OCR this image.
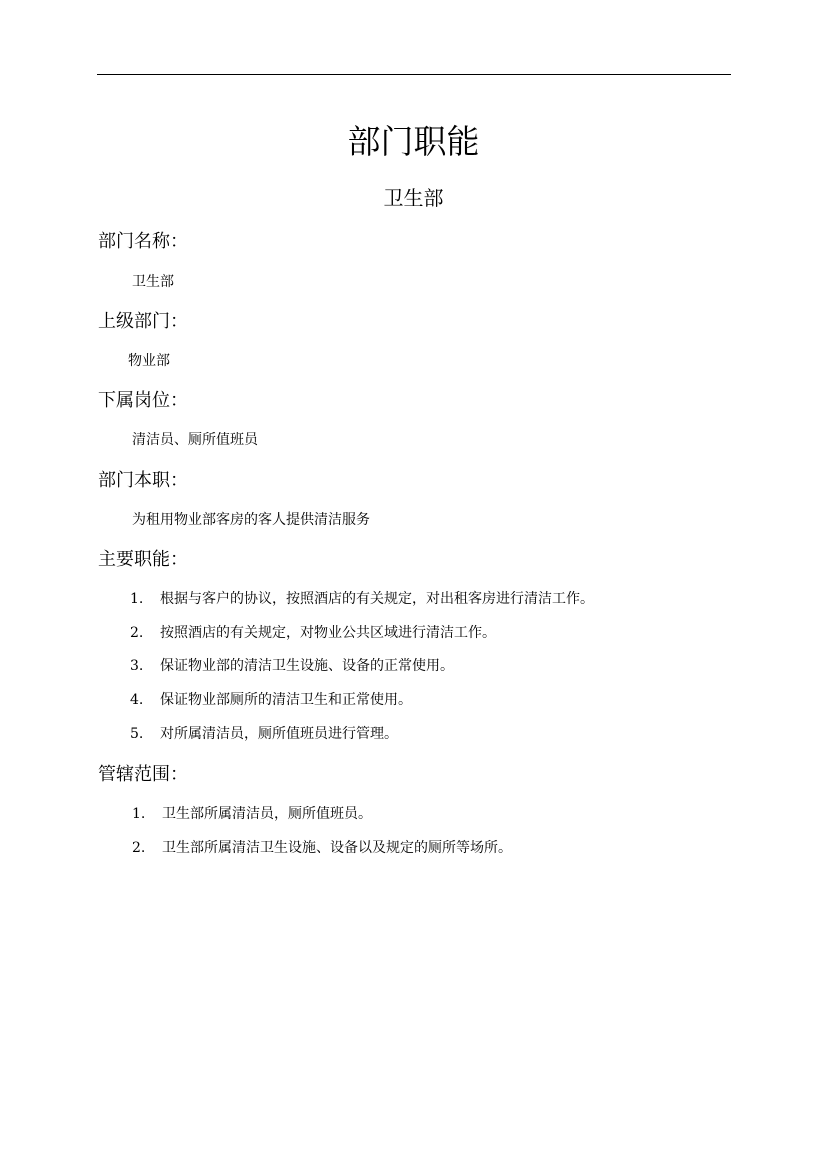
部门职能
卫生部
部门名称：
卫生部
上级部门：
物业部
下属岗位：
清洁员、厕所值班员
部门本职：
为租用物业部客房的客人提供清洁服务
主要职能：
1. 根据与客户的协议，按照酒店的有关规定，对出租客房进行清洁工作。
2. 按照酒店的有关规定，对物业公共区域进行清洁工作。
3. 保证物业部的清洁卫生设施、设备的正常使用。
4. 保证物业部厕所的清洁卫生和正常使用。
5. 对所属清洁员，厕所值班员进行管理。
管辖范围：
1. 卫生部所属清洁员，厕所值班员。
2. 卫生部所属清洁卫生设施、设备以及规定的厕所等场所。
